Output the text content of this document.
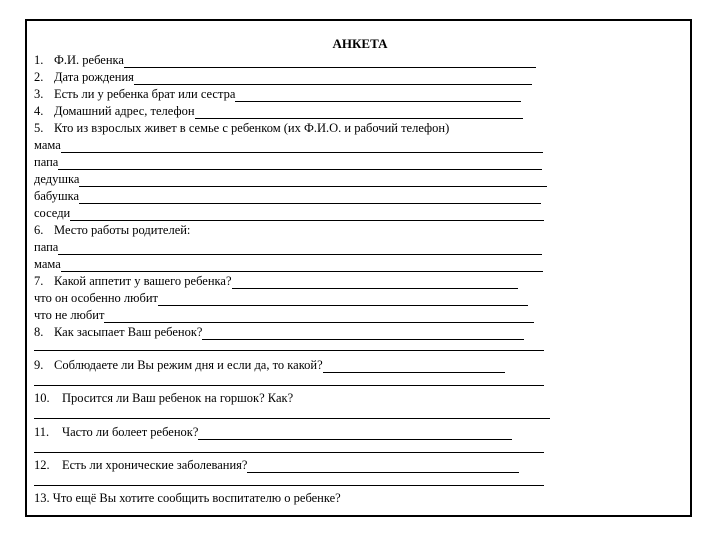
АНКЕТА
1. Ф.И. ребенка
2. Дата рождения
3. Есть ли у ребенка брат или сестра
4. Домашний адрес, телефон
5. Кто из взрослых живет в семье с ребенком (их Ф.И.О. и рабочий телефон)
мама
папа
дедушка
бабушка
соседи
6. Место работы родителей:
папа
мама
7. Какой аппетит у вашего ребенка?
что он особенно любит
что не любит
8. Как засыпает Ваш ребенок?
9. Соблюдаете ли Вы режим дня и если да, то какой?
10. Просится ли Ваш ребенок на горшок? Как?
11.	Часто ли болеет ребенок?
12. Есть ли хронические заболевания?
13. Что ещё Вы хотите сообщить воспитателю о ребенке?
